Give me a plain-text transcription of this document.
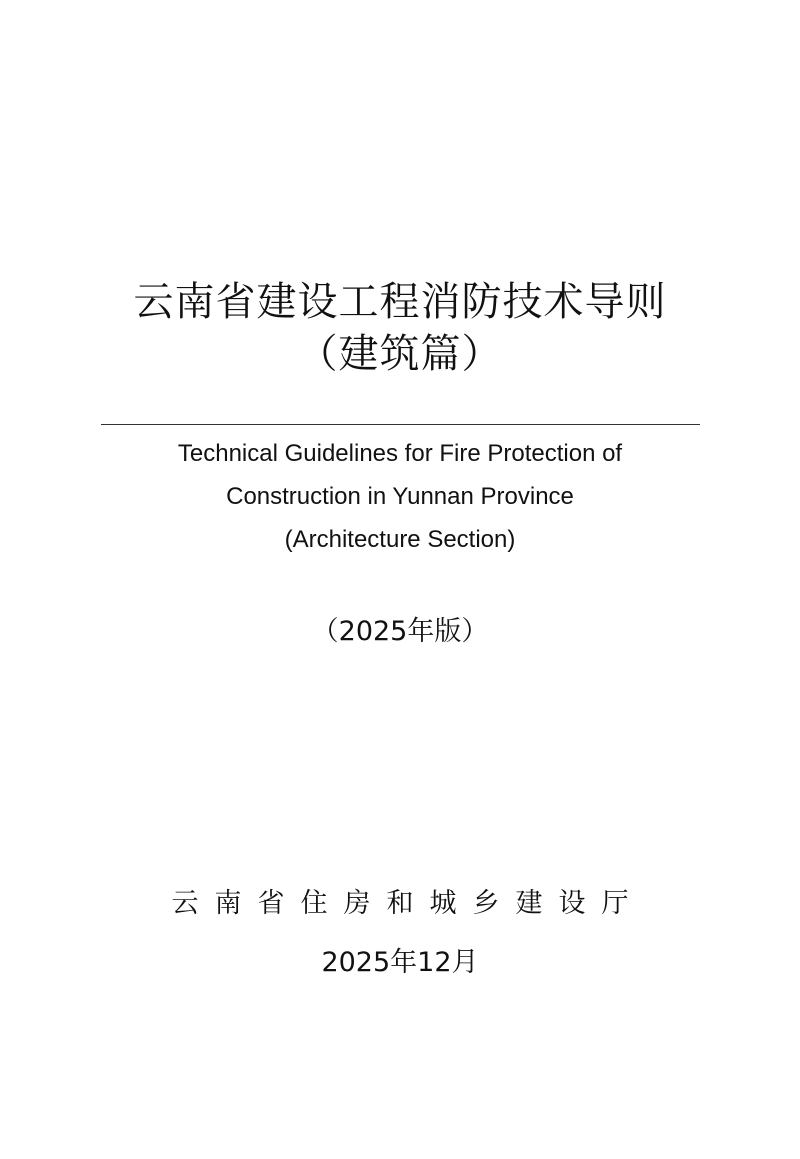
云南省建设工程消防技术导则
（建筑篇）
Technical Guidelines for Fire Protection of
Construction in Yunnan Province
(Architecture Section)
（2025年版）
云南省住房和城乡建设厅
2025年12月
